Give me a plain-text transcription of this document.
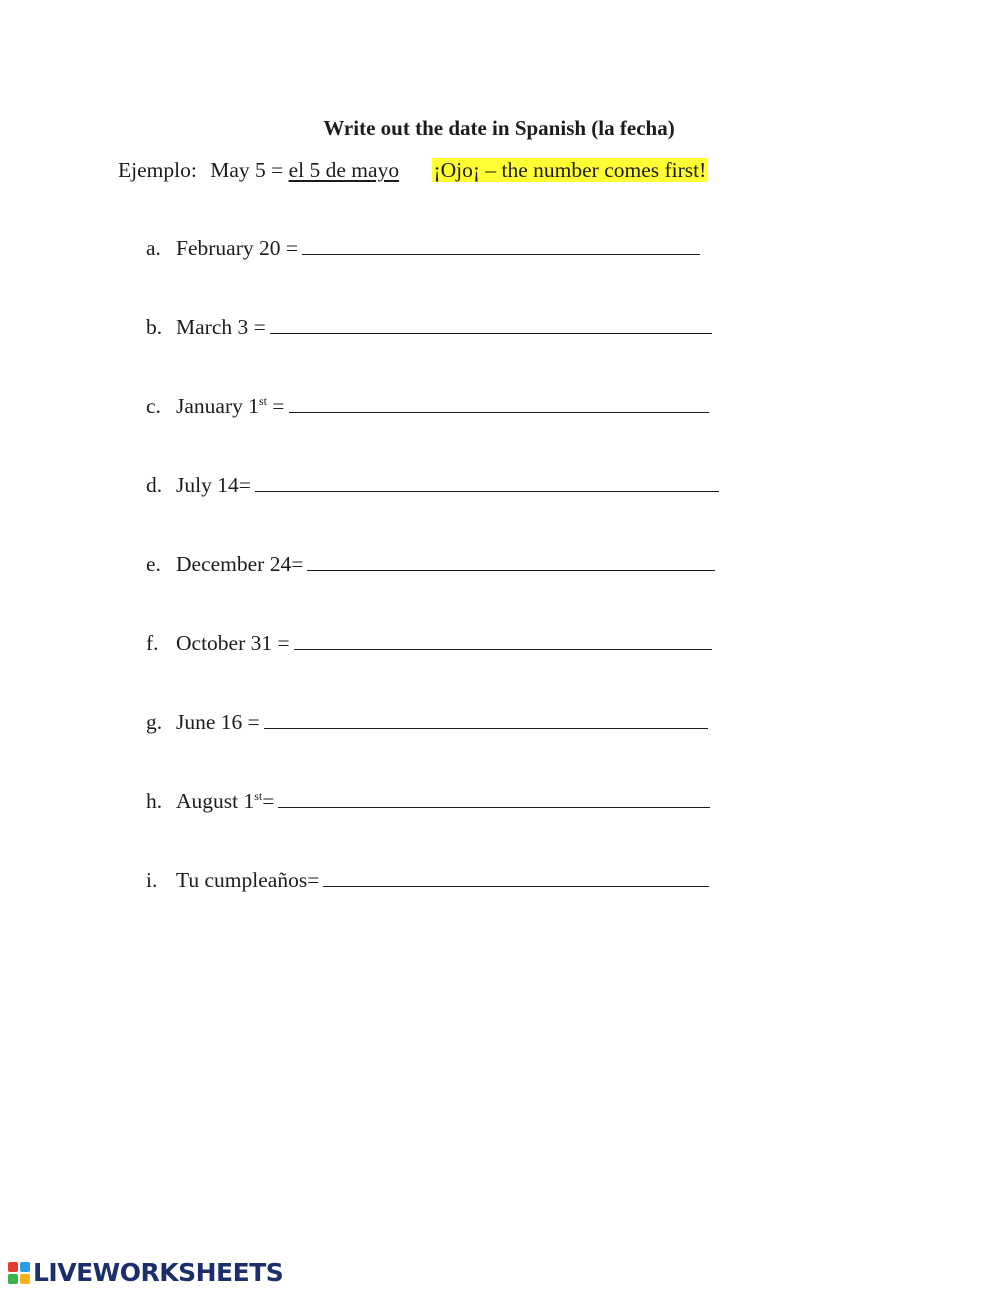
Write out the date in Spanish (la fecha)
Ejemplo: May 5 = el 5 de mayo ¡Ojo¡ – the number comes first!
a. February 20 =
b. March 3 =
c. January 1st =
d. July 14=
e. December 24=
f. October 31 =
g. June 16 =
h. August 1st=
i. Tu cumpleaños=
LIVEWORKSHEETS
